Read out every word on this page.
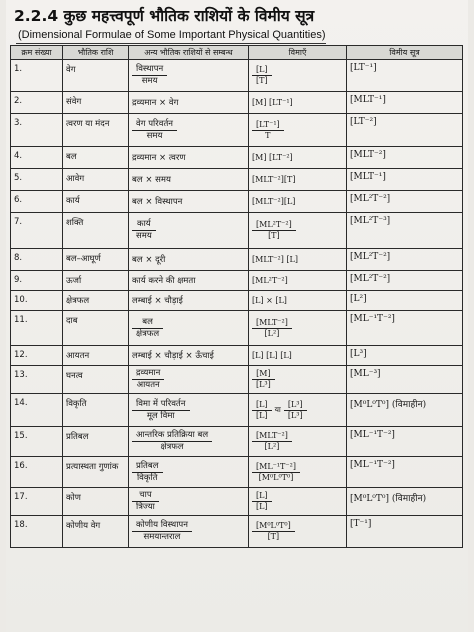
2.2.4 कुछ महत्त्वपूर्ण भौतिक राशियों के विमीय सूत्र
(Dimensional Formulae of Some Important Physical Quantities)
क्रम संख्या	भौतिक राशि	अन्य भौतिक राशियों से सम्बन्ध	विमाएँ	विमीय सूत्र
1.	वेग	$\frac{\text{विस्थापन}}{\text{समय}}$	$\frac{[L]}{[T]}$	[LT⁻¹]
2.	संवेग	द्रव्यमान × वेग	[M] [LT⁻¹]	[MLT⁻¹]
3.	त्वरण या मंदन	$\frac{\text{वेग परिवर्तन}}{\text{समय}}$	$\frac{\text{[LT⁻¹]}}{T}$	[LT⁻²]
4.	बल	द्रव्यमान × त्वरण	[M] [LT⁻²]	[MLT⁻²]
5.	आवेग	बल × समय	[MLT⁻²][T]	[MLT⁻¹]
6.	कार्य	बल × विस्थापन	[MLT⁻²][L]	[ML²T⁻²]
7.	शक्ति	$\frac{\text{कार्य}}{\text{समय}}$	$\frac{\text{[ML²T⁻²]}}{[T]}$	[ML²T⁻³]
8.	बल–आघूर्ण	बल × दूरी	[MLT⁻²] [L]	[ML²T⁻²]
9.	ऊर्जा	कार्य करने की क्षमता	[ML²T⁻²]	[ML²T⁻²]
10.	क्षेत्रफल	लम्बाई × चौड़ाई	[L] × [L]	[L²]
11.	दाब	$\frac{\text{बल}}{\text{क्षेत्रफल}}$	$\frac{\text{[MLT⁻²]}}{\text{[L²]}}$	[ML⁻¹T⁻²]
12.	आयतन	लम्बाई × चौड़ाई × ऊँचाई	[L] [L] [L]	[L³]
13.	घनत्व	$\frac{\text{द्रव्यमान}}{\text{आयतन}}$	$\frac{[M]}{\text{[L³]}}$	[ML⁻³]
14.	विकृति	$\frac{\text{विमा में परिवर्तन}}{\text{मूल विमा}}$	$\frac{[L]}{[L]}$ या $\frac{\text{[L³]}}{\text{[L³]}}$	[M⁰L⁰T⁰] (विमाहीन)
15.	प्रतिबल	$\frac{\text{आन्तरिक प्रतिक्रिया बल}}{\text{क्षेत्रफल}}$	$\frac{\text{[MLT⁻²]}}{\text{[L²]}}$	[ML⁻¹T⁻²]
16.	प्रत्यास्थता गुणांक	$\frac{\text{प्रतिबल}}{\text{विकृति}}$	$\frac{\text{[ML⁻¹T⁻²]}}{\text{[M⁰L⁰T⁰]}}$	[ML⁻¹T⁻²]
17.	कोण	$\frac{\text{चाप}}{\text{त्रिज्या}}$	$\frac{[L]}{[L]}$	[M⁰L⁰T⁰] (विमाहीन)
18.	कोणीय वेग	$\frac{\text{कोणीय विस्थापन}}{\text{समयान्तराल}}$	$\frac{\text{[M⁰L⁰T⁰]}}{[T]}$	[T⁻¹]
